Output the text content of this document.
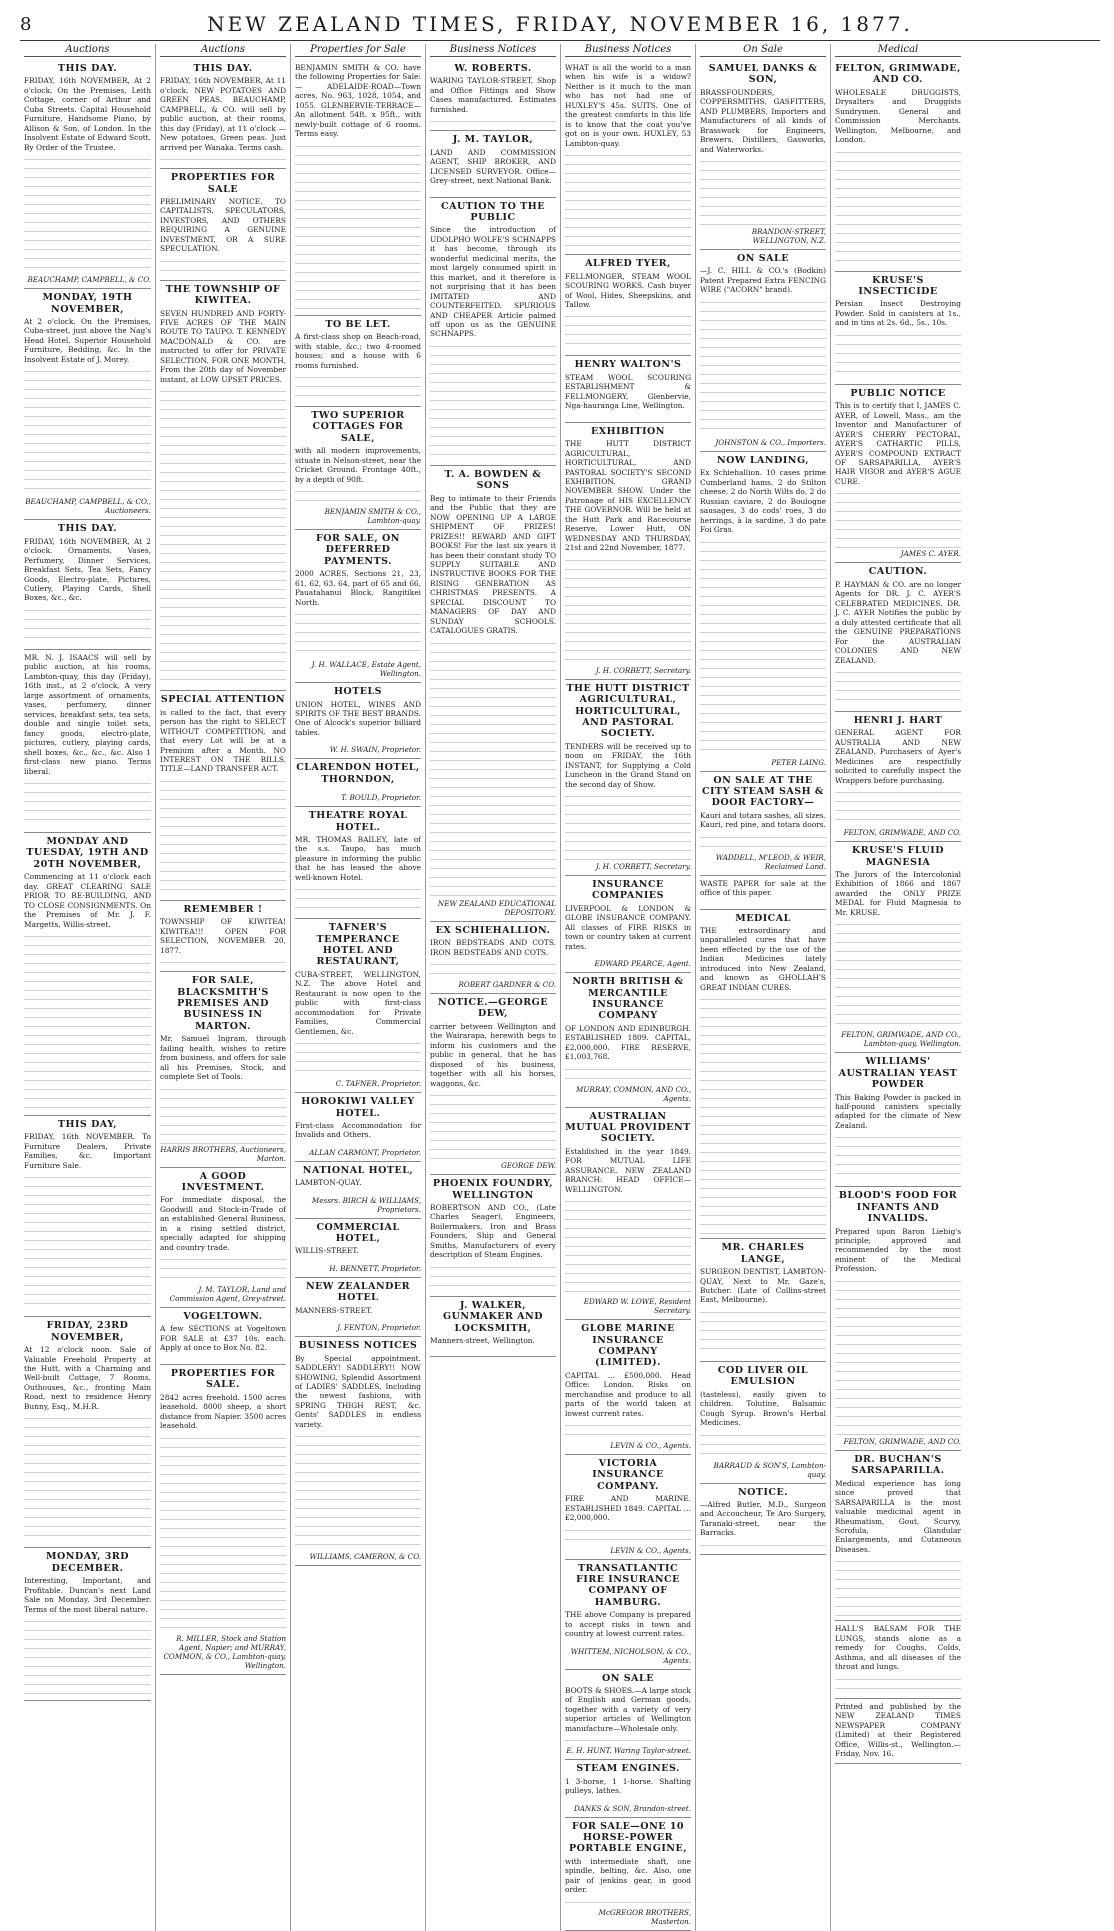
8	NEW ZEALAND TIMES, FRIDAY, NOVEMBER 16, 1877.
Auctions
THIS DAY.

FRIDAY, 16th NOVEMBER, At 2 o'clock. On the Premises, Leith Cottage, corner of Arthur and Cuba Streets. Capital Household Furniture, Handsome Piano, by Allison & Son, of London. In the Insolvent Estate of Edward Scott. By Order of the Trustee.

BEAUCHAMP, CAMPBELL, & CO.
MONDAY, 19TH NOVEMBER,

At 2 o'clock. On the Premises, Cuba-street, just above the Nag's Head Hotel. Superior Household Furniture, Bedding, &c. In the Insolvent Estate of J. Morey.

BEAUCHAMP, CAMPBELL, & CO., Auctioneers.
THIS DAY.

FRIDAY, 16th NOVEMBER, At 2 o'clock. Ornaments, Vases, Perfumery, Dinner Services, Breakfast Sets, Tea Sets, Fancy Goods, Electro-plate, Pictures, Cutlery, Playing Cards, Shell Boxes, &c., &c.

MR. N. J. ISAACS will sell by public auction, at his rooms, Lambton-quay, this day (Friday), 16th inst., at 2 o'clock, A very large assortment of ornaments, vases, perfumery, dinner services, breakfast sets, tea sets, double and single toilet sets, fancy goods, electro-plate, pictures, cutlery, playing cards, shell boxes, &c., &c., &c. Also 1 first-class new piano. Terms liberal.

MONDAY AND TUESDAY, 19TH AND 20TH NOVEMBER,

Commencing at 11 o'clock each day. GREAT CLEARING SALE PRIOR TO RE-BUILDING, AND TO CLOSE CONSIGNMENTS. On the Premises of Mr. J. F. Margetts, Willis-street.

THIS DAY,

FRIDAY, 16th NOVEMBER. To Furniture Dealers, Private Families, &c. Important Furniture Sale.

FRIDAY, 23RD NOVEMBER,

At 12 o'clock noon. Sale of Valuable Freehold Property at the Hutt, with a Charming and Well-built Cottage, 7 Rooms, Outhouses, &c., fronting Main Road, next to residence Henry Bunny, Esq., M.H.R.

MONDAY, 3RD DECEMBER.

Interesting, Important, and Profitable. Duncan's next Land Sale on Monday, 3rd December. Terms of the most liberal nature.

Auctions
THIS DAY.

FRIDAY, 16th NOVEMBER, At 11 o'clock. NEW POTATOES AND GREEN PEAS. BEAUCHAMP, CAMPBELL, & CO. will sell by public auction, at their rooms, this day (Friday), at 11 o'clock — New potatoes, Green peas. Just arrived per Wanaka. Terms cash.

PROPERTIES FOR SALE

PRELIMINARY NOTICE. TO CAPITALISTS, SPECULATORS, INVESTORS, AND OTHERS REQUIRING A GENUINE INVESTMENT, OR A SURE SPECULATION.

THE TOWNSHIP OF KIWITEA.

SEVEN HUNDRED AND FORTY-FIVE ACRES OF THE MAIN ROUTE TO TAUPO. T. KENNEDY MACDONALD & CO. are instructed to offer for PRIVATE SELECTION, FOR ONE MONTH, From the 20th day of November instant, at LOW UPSET PRICES.

SPECIAL ATTENTION

is called to the fact, that every person has the right to SELECT WITHOUT COMPETITION, and that every Lot will be at a Premium after a Month. NO INTEREST ON THE BILLS. TITLE—LAND TRANSFER ACT.

REMEMBER !

TOWNSHIP OF KIWITEA! KIWITEA!!! OPEN FOR SELECTION, NOVEMBER 20, 1877.

FOR SALE, BLACKSMITH'S PREMISES AND BUSINESS IN MARTON.

Mr. Samuel Ingram, through failing health, wishes to retire from business, and offers for sale all his Premises, Stock, and complete Set of Tools.

HARRIS BROTHERS, Auctioneers, Marton.
A GOOD INVESTMENT.

For immediate disposal, the Goodwill and Stock-in-Trade of an established General Business, in a rising settled district, specially adapted for shipping and country trade.

J. M. TAYLOR, Land and Commission Agent, Grey-street.
VOGELTOWN.

A few SECTIONS at Vogeltown FOR SALE at £37 10s. each. Apply at once to Box No. 82.

PROPERTIES FOR SALE.

2842 acres freehold. 1500 acres leasehold. 8000 sheep, a short distance from Napier. 3500 acres leasehold.

R. MILLER, Stock and Station Agent, Napier; and MURRAY, COMMON, & CO., Lambton-quay, Wellington.
Properties for Sale

BENJAMIN SMITH & CO. have the following Properties for Sale:— ADELAIDE-ROAD—Town acres, No. 963, 1028, 1054, and 1055. GLENBERVIE-TERRACE—An allotment 54ft. x 95ft., with newly-built cottage of 6 rooms. Terms easy.

TO BE LET.

A first-class shop on Beach-road, with stable, &c.; two 4-roomed houses; and a house with 6 rooms furnished.

TWO SUPERIOR COTTAGES FOR SALE,

with all modern improvements, situate in Nelson-street, near the Cricket Ground. Frontage 40ft., by a depth of 90ft.

BENJAMIN SMITH & CO., Lambton-quay.
FOR SALE, ON DEFERRED PAYMENTS.

2000 ACRES, Sections 21, 23, 61, 62, 63, 64, part of 65 and 66, Pauatahanui Block, Rangitikei North.

J. H. WALLACE, Estate Agent, Wellington.
HOTELS

UNION HOTEL, WINES AND SPIRITS OF THE BEST BRANDS. One of Alcock's superior billiard tables.

W. H. SWAIN, Proprietor.
CLARENDON HOTEL, THORNDON,
T. BOULD, Proprietor.
THEATRE ROYAL HOTEL.

MR. THOMAS BAILEY, late of the s.s. Taupo, has much pleasure in informing the public that he has leased the above well-known Hotel.

TAFNER'S TEMPERANCE HOTEL AND RESTAURANT,

CUBA-STREET, WELLINGTON, N.Z. The above Hotel and Restaurant is now open to the public with first-class accommodation for Private Families, Commercial Gentlemen, &c.

C. TAFNER, Proprietor.
HOROKIWI VALLEY HOTEL.

First-class Accommodation for Invalids and Others.

ALLAN CARMONT, Proprietor.
NATIONAL HOTEL,

LAMBTON-QUAY.

Messrs. BIRCH & WILLIAMS, Proprietors.
COMMERCIAL HOTEL,

WILLIS-STREET.

H. BENNETT, Proprietor.
NEW ZEALANDER HOTEL

MANNERS-STREET.

J. FENTON, Proprietor.
BUSINESS NOTICES

By Special appointment. SADDLERY! SADDLERY!! NOW SHOWING, Splendid Assortment of LADIES' SADDLES, Including the newest fashions, with SPRING THIGH REST, &c. Gents' SADDLES in endless variety.

WILLIAMS, CAMERON, & CO.
Business Notices
W. ROBERTS.

WARING TAYLOR-STREET, Shop and Office Fittings and Show Cases manufactured. Estimates furnished.

J. M. TAYLOR,

LAND AND COMMISSION AGENT, SHIP BROKER, AND LICENSED SURVEYOR. Office—Grey-street, next National Bank.

CAUTION TO THE PUBLIC

Since the introduction of UDOLPHO WOLFE'S SCHNAPPS it has become, through its wonderful medicinal merits, the most largely consumed spirit in this market, and it therefore is not surprising that it has been IMITATED AND COUNTERFEITED. SPURIOUS AND CHEAPER Article palmed off upon us as the GENUINE SCHNAPPS.

T. A. BOWDEN & SONS

Beg to intimate to their Friends and the Public that they are NOW OPENING UP A LARGE SHIPMENT OF PRIZES! PRIZES!! REWARD AND GIFT BOOKS! For the last six years it has been their constant study TO SUPPLY SUITABLE AND INSTRUCTIVE BOOKS FOR THE RISING GENERATION AS CHRISTMAS PRESENTS. A SPECIAL DISCOUNT TO MANAGERS OF DAY AND SUNDAY SCHOOLS. CATALOGUES GRATIS.

NEW ZEALAND EDUCATIONAL DEPOSITORY.
EX SCHIEHALLION.

IRON BEDSTEADS AND COTS. IRON BEDSTEADS AND COTS.

ROBERT GARDNER & CO.
NOTICE.—GEORGE DEW,

carrier between Wellington and the Wairarapa, herewith begs to inform his customers and the public in general, that he has disposed of his business, together with all his horses, waggons, &c.

GEORGE DEW.
PHOENIX FOUNDRY, WELLINGTON

ROBERTSON AND CO., (Late Charles Seager), Engineers, Boilermakers, Iron and Brass Founders, Ship and General Smiths, Manufacturers of every description of Steam Engines.

J. WALKER, GUNMAKER AND LOCKSMITH,

Manners-street, Wellington.

Business Notices

WHAT is all the world to a man when his wife is a widow? Neither is it much to the man who has not had one of HUXLEY'S 45s. SUITS. One of the greatest comforts in this life is to know that the coat you've got on is your own. HUXLEY, 53 Lambton-quay.

ALFRED TYER,

FELLMONGER, STEAM WOOL SCOURING WORKS. Cash buyer of Wool, Hides, Sheepskins, and Tallow.

HENRY WALTON'S

STEAM WOOL SCOURING ESTABLISHMENT & FELLMONGERY, Glenbervie, Nga-hauranga Line, Wellington.

EXHIBITION

THE HUTT DISTRICT AGRICULTURAL, HORTICULTURAL, AND PASTORAL SOCIETY'S SECOND EXHIBITION. GRAND NOVEMBER SHOW. Under the Patronage of HIS EXCELLENCY THE GOVERNOR. Will be held at the Hutt Park and Racecourse Reserve, Lower Hutt, ON WEDNESDAY AND THURSDAY, 21st and 22nd November, 1877.

J. H. CORBETT, Secretary.
THE HUTT DISTRICT AGRICULTURAL, HORTICULTURAL, AND PASTORAL SOCIETY.

TENDERS will be received up to noon on FRIDAY, the 16th INSTANT, for Supplying a Cold Luncheon in the Grand Stand on the second day of Show.

J. H. CORBETT, Secretary.
INSURANCE COMPANIES

LIVERPOOL & LONDON & GLOBE INSURANCE COMPANY. All classes of FIRE RISKS in town or country taken at current rates.

EDWARD PEARCE, Agent.
NORTH BRITISH & MERCANTILE INSURANCE COMPANY

OF LONDON AND EDINBURGH. ESTABLISHED 1809. CAPITAL, £2,000,000. FIRE RESERVE, £1,003,768.

MURRAY, COMMON, AND CO., Agents.
AUSTRALIAN MUTUAL PROVIDENT SOCIETY.

Established in the year 1849. FOR MUTUAL LIFE ASSURANCE. NEW ZEALAND BRANCH: HEAD OFFICE—WELLINGTON.

EDWARD W. LOWE, Resident Secretary.
GLOBE MARINE INSURANCE COMPANY (LIMITED).

CAPITAL … £500,000. Head Office: London. Risks on merchandise and produce to all parts of the world taken at lowest current rates.

LEVIN & CO., Agents.
VICTORIA INSURANCE COMPANY.

FIRE AND MARINE. ESTABLISHED 1849. CAPITAL … £2,000,000.

LEVIN & CO., Agents.
TRANSATLANTIC FIRE INSURANCE COMPANY OF HAMBURG.

THE above Company is prepared to accept risks in town and country at lowest current rates.

WHITTEM, NICHOLSON, & CO., Agents.
ON SALE

BOOTS & SHOES.—A large stock of English and German goods, together with a variety of very superior articles of Wellington manufacture—Wholesale only.

E. H. HUNT, Waring Taylor-street.
STEAM ENGINES.

1 3-horse, 1 1-horse. Shafting pulleys, lathes.

DANKS & SON, Brandon-street.
FOR SALE—ONE 10 HORSE-POWER PORTABLE ENGINE,

with intermediate shaft, one spindle, belting, &c. Also, one pair of jenkins gear, in good order.

McGREGOR BROTHERS, Masterton.
On Sale
SAMUEL DANKS & SON,

BRASSFOUNDERS, COPPERSMITHS, GASFITTERS, AND PLUMBERS, Importers and Manufacturers of all kinds of Brasswork for Engineers, Brewers, Distillers, Gasworks, and Waterworks.

BRANDON-STREET, WELLINGTON, N.Z.
ON SALE

—J. C. HILL & CO.'s (Bodkin) Patent Prepared Extra FENCING WIRE ("ACORN" brand).

JOHNSTON & CO., Importers.
NOW LANDING,

Ex Schiehallion. 10 cases prime Cumberland hams, 2 do Stilton cheese, 2 do North Wilts do, 2 do Russian caviare, 2 do Boulogne sausages, 3 do cods' roes, 3 do herrings, à la sardine, 3 do pate Foi Gras.

PETER LAING.
ON SALE AT THE CITY STEAM SASH & DOOR FACTORY—

Kauri and totara sashes, all sizes. Kauri, red pine, and totara doors.

WADDELL, M'LEOD, & WEIR, Reclaimed Land.

WASTE PAPER for sale at the office of this paper.

MEDICAL

THE extraordinary and unparalleled cures that have been effected by the use of the Indian Medicines lately introduced into New Zealand, and known as GHOLLAH'S GREAT INDIAN CURES.

MR. CHARLES LANGE,

SURGEON DENTIST, LAMBTON-QUAY, Next to Mr. Gaze's, Butcher. (Late of Collins-street East, Melbourne).

COD LIVER OIL EMULSION

(tasteless), easily given to children. Tolutine, Balsamic Cough Syrup. Brown's Herbal Medicines.

BARRAUD & SON'S, Lambton-quay.
NOTICE.

—Alfred Butler, M.D., Surgeon and Accoucheur, Te Aro Surgery, Taranaki-street, near the Barracks.

Medical
FELTON, GRIMWADE, AND CO.

WHOLESALE DRUGGISTS, Drysalters and Druggists Sundrymen. General and Commission Merchants. Wellington, Melbourne, and London.

KRUSE'S INSECTICIDE

Persian Insect Destroying Powder. Sold in canisters at 1s., and in tins at 2s. 6d., 5s., 10s.

PUBLIC NOTICE

This is to certify that I, JAMES C. AYER, of Lowell, Mass., am the Inventor and Manufacturer of AYER'S CHERRY PECTORAL, AYER'S CATHARTIC PILLS, AYER'S COMPOUND EXTRACT OF SARSAPARILLA, AYER'S HAIR VIGOR and AYER'S AGUE CURE.

JAMES C. AYER.
CAUTION.

P. HAYMAN & CO. are no longer Agents for DR. J. C. AYER'S CELEBRATED MEDICINES. DR. J. C. AYER Notifies the public by a duly attested certificate that all the GENUINE PREPARATIONS For the AUSTRALIAN COLONIES AND NEW ZEALAND.

HENRI J. HART

GENERAL AGENT FOR AUSTRALIA AND NEW ZEALAND. Purchasers of Ayer's Medicines are respectfully solicited to carefully inspect the Wrappers before purchasing.

FELTON, GRIMWADE, AND CO.
KRUSE'S FLUID MAGNESIA

The Jurors of the Intercolonial Exhibition of 1866 and 1867 awarded the ONLY PRIZE MEDAL for Fluid Magnesia to Mr. KRUSE.

FELTON, GRIMWADE, AND CO., Lambton-quay, Wellington.
WILLIAMS' AUSTRALIAN YEAST POWDER

This Baking Powder is packed in half-pound canisters specially adapted for the climate of New Zealand.

BLOOD'S FOOD FOR INFANTS AND INVALIDS.

Prepared upon Baron Liebig's principle; approved and recommended by the most eminent of the Medical Profession.

FELTON, GRIMWADE, AND CO.
DR. BUCHAN'S SARSAPARILLA.

Medical experience has long since proved that SARSAPARILLA is the most valuable medicinal agent in Rheumatism, Gout, Scurvy, Scrofula, Glandular Enlargements, and Cutaneous Diseases.

HALL'S BALSAM FOR THE LUNGS, stands alone as a remedy for Coughs, Colds, Asthma, and all diseases of the throat and lungs.

Printed and published by the NEW ZEALAND TIMES NEWSPAPER COMPANY (Limited) at their Registered Office, Willis-st., Wellington.—Friday, Nov. 16.
